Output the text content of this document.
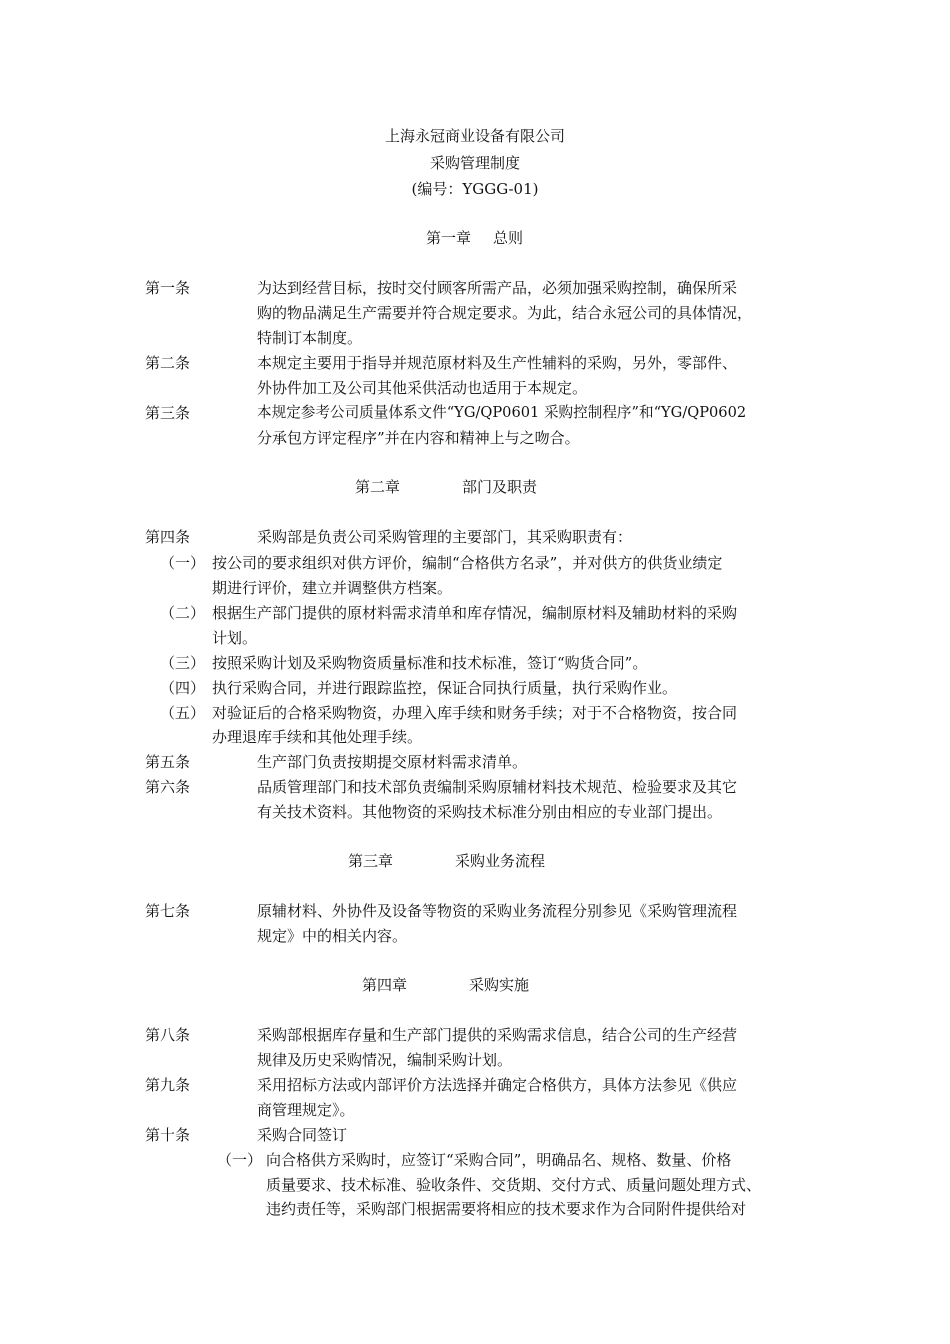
上海永冠商业设备有限公司
采购管理制度
(编号：YGGG-01)
第一章 总则
第一条	为达到经营目标，按时交付顾客所需产品，必须加强采购控制，确保所采
购的物品满足生产需要并符合规定要求。为此，结合永冠公司的具体情况，
特制订本制度。
第二条	本规定主要用于指导并规范原材料及生产性辅料的采购，另外，零部件、
外协件加工及公司其他采供活动也适用于本规定。
第三条	本规定参考公司质量体系文件“YG/QP0601 采购控制程序”和“YG/QP0602
分承包方评定程序”并在内容和精神上与之吻合。
第二章	部门及职责
第四条	采购部是负责公司采购管理的主要部门，其采购职责有：
（一） 按公司的要求组织对供方评价，编制“合格供方名录”，并对供方的供货业绩定
期进行评价，建立并调整供方档案。
（二） 根据生产部门提供的原材料需求清单和库存情况，编制原材料及辅助材料的采购
计划。
（三） 按照采购计划及采购物资质量标准和技术标准，签订“购货合同”。
（四） 执行采购合同，并进行跟踪监控，保证合同执行质量，执行采购作业。
（五） 对验证后的合格采购物资，办理入库手续和财务手续；对于不合格物资，按合同
办理退库手续和其他处理手续。
第五条	生产部门负责按期提交原材料需求清单。
第六条	品质管理部门和技术部负责编制采购原辅材料技术规范、检验要求及其它
有关技术资料。其他物资的采购技术标准分别由相应的专业部门提出。
第三章	采购业务流程
第七条	原辅材料、外协件及设备等物资的采购业务流程分别参见《采购管理流程
规定》中的相关内容。
第四章	采购实施
第八条	采购部根据库存量和生产部门提供的采购需求信息，结合公司的生产经营
规律及历史采购情况，编制采购计划。
第九条	采用招标方法或内部评价方法选择并确定合格供方，具体方法参见《供应
商管理规定》。
第十条	采购合同签订
（一） 向合格供方采购时，应签订“采购合同”，明确品名、规格、数量、价格
质量要求、技术标准、验收条件、交货期、交付方式、质量问题处理方式、
违约责任等，采购部门根据需要将相应的技术要求作为合同附件提供给对
